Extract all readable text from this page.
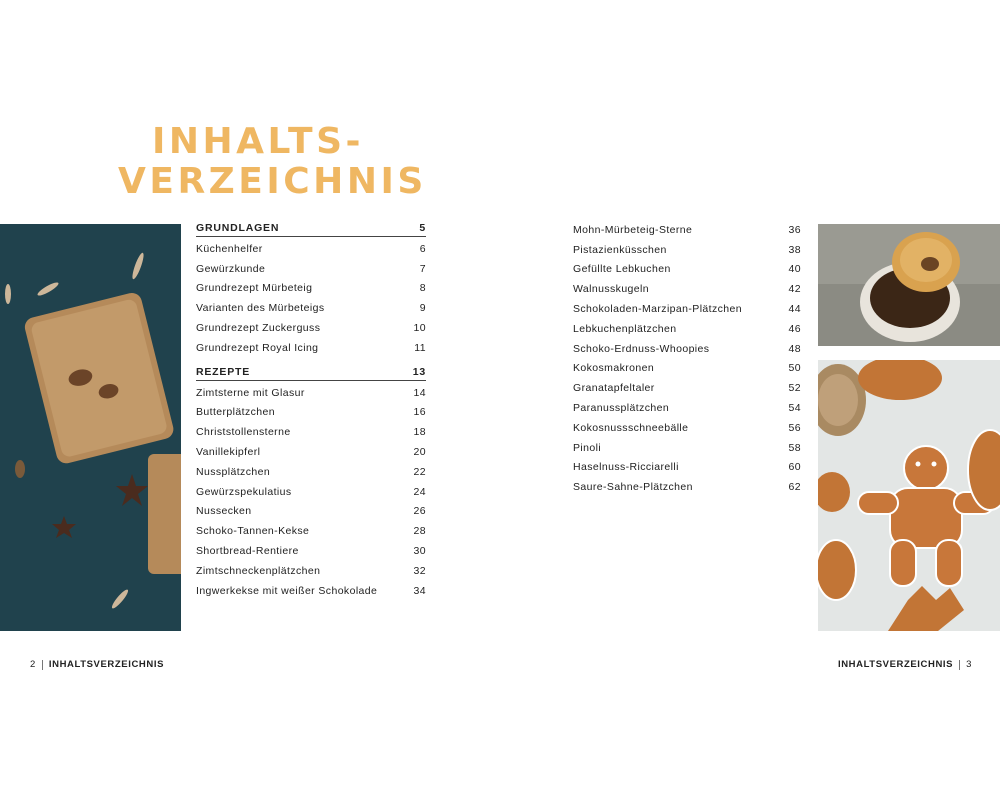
INHALTS-
VERZEICHNIS
GRUNDLAGEN	5
Küchenhelfer	6
Gewürzkunde	7
Grundrezept Mürbeteig	8
Varianten des Mürbeteigs	9
Grundrezept Zuckerguss	10
Grundrezept Royal Icing	11
REZEPTE	13
Zimtsterne mit Glasur	14
Butterplätzchen	16
Christstollensterne	18
Vanillekipferl	20
Nussplätzchen	22
Gewürzspekulatius	24
Nussecken	26
Schoko-Tannen-Kekse	28
Shortbread-Rentiere	30
Zimtschneckenplätzchen	32
Ingwerkekse mit weißer Schokolade	34
Mohn-Mürbeteig-Sterne	36
Pistazienküsschen	38
Gefüllte Lebkuchen	40
Walnusskugeln	42
Schokoladen-Marzipan-Plätzchen	44
Lebkuchenplätzchen	46
Schoko-Erdnuss-Whoopies	48
Kokosmakronen	50
Granatapfeltaler	52
Paranussplätzchen	54
Kokosnussschneebälle	56
Pinoli	58
Haselnuss-Ricciarelli	60
Saure-Sahne-Plätzchen	62
2 INHALTSVERZEICHNIS	INHALTSVERZEICHNIS 3
